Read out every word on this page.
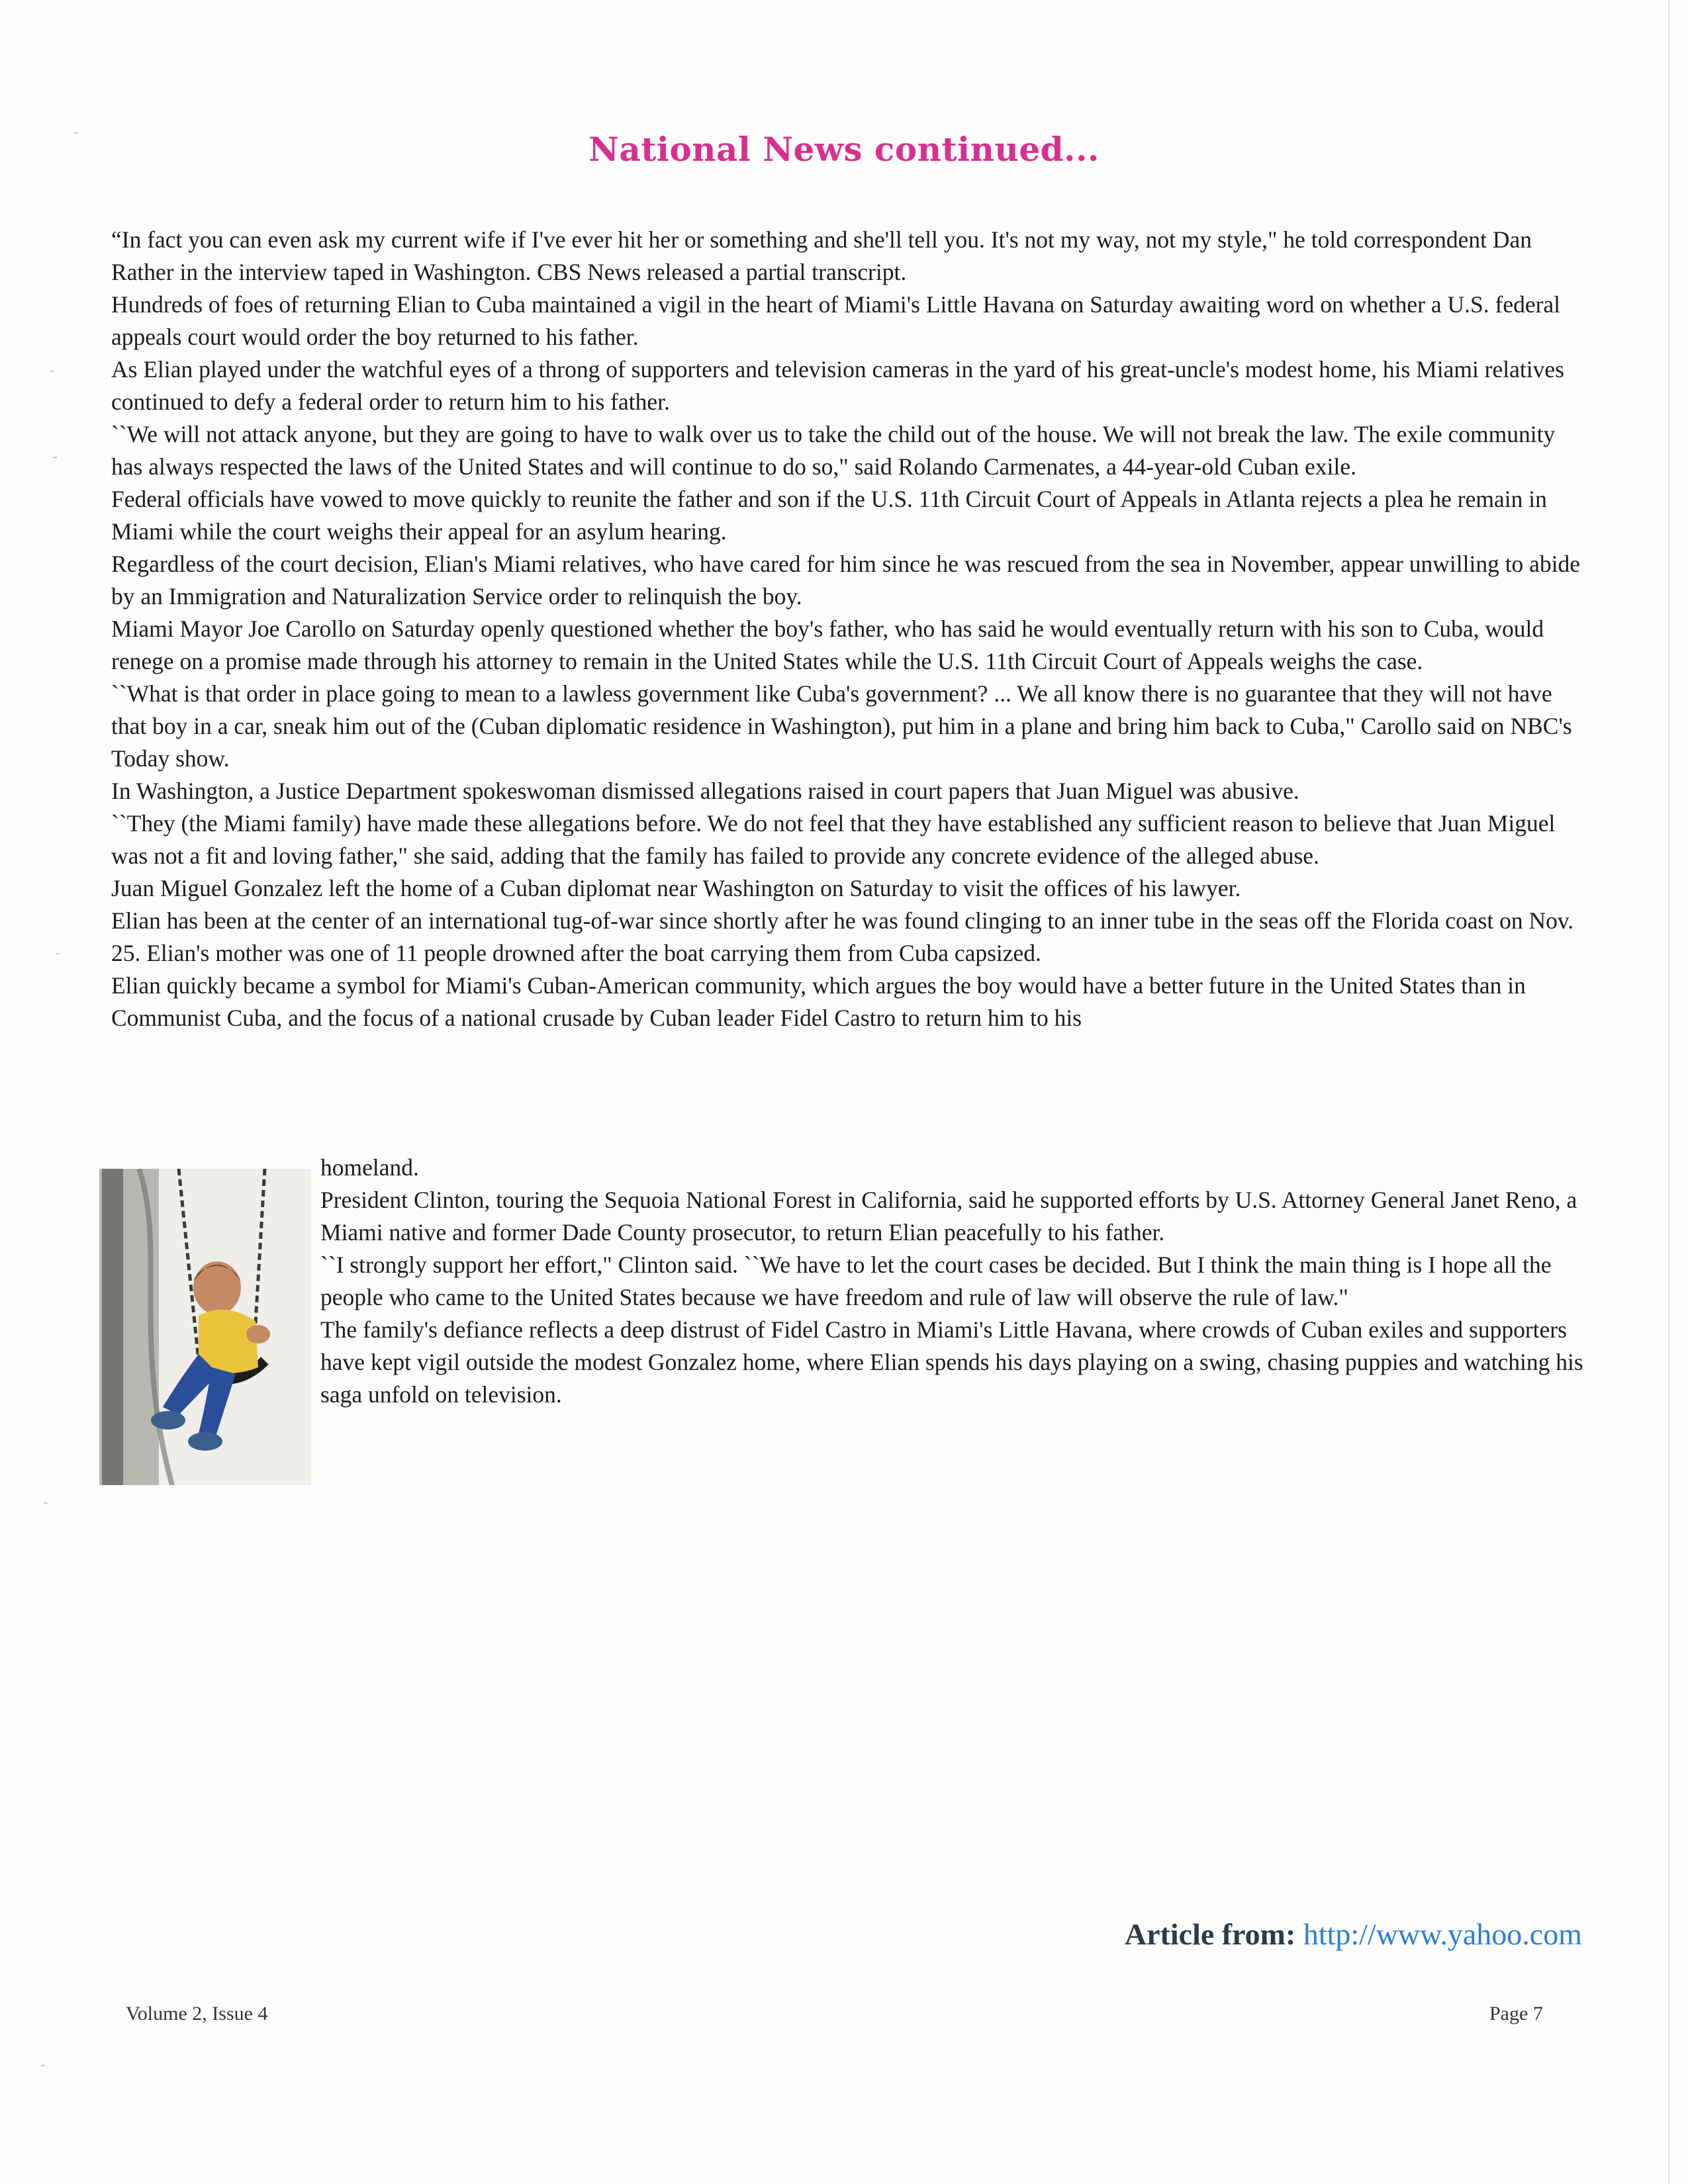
National News continued...

“In fact you can even ask my current wife if I've ever hit her or something and she'll tell you. It's not my way, not my style," he told correspondent Dan Rather in the interview taped in Washington. CBS News released a partial transcript.

Hundreds of foes of returning Elian to Cuba maintained a vigil in the heart of Miami's Little Havana on Saturday awaiting word on whether a U.S. federal appeals court would order the boy returned to his father.

As Elian played under the watchful eyes of a throng of supporters and television cameras in the yard of his great-uncle's modest home, his Miami relatives continued to defy a federal order to return him to his father.

``We will not attack anyone, but they are going to have to walk over us to take the child out of the house. We will not break the law. The exile community has always respected the laws of the United States and will continue to do so," said Rolando Carmenates, a 44-year-old Cuban exile.

Federal officials have vowed to move quickly to reunite the father and son if the U.S. 11th Circuit Court of Appeals in Atlanta rejects a plea he remain in Miami while the court weighs their appeal for an asylum hearing.

Regardless of the court decision, Elian's Miami relatives, who have cared for him since he was rescued from the sea in November, appear unwilling to abide by an Immigration and Naturalization Service order to relinquish the boy.

Miami Mayor Joe Carollo on Saturday openly questioned whether the boy's father, who has said he would eventually return with his son to Cuba, would renege on a promise made through his attorney to remain in the United States while the U.S. 11th Circuit Court of Appeals weighs the case.

``What is that order in place going to mean to a lawless government like Cuba's government? ... We all know there is no guarantee that they will not have that boy in a car, sneak him out of the (Cuban diplomatic residence in Washington), put him in a plane and bring him back to Cuba," Carollo said on NBC's Today show.

In Washington, a Justice Department spokeswoman dismissed allegations raised in court papers that Juan Miguel was abusive.

``They (the Miami family) have made these allegations before. We do not feel that they have established any sufficient reason to believe that Juan Miguel was not a fit and loving father," she said, adding that the family has failed to provide any concrete evidence of the alleged abuse.

Juan Miguel Gonzalez left the home of a Cuban diplomat near Washington on Saturday to visit the offices of his lawyer.

Elian has been at the center of an international tug-of-war since shortly after he was found clinging to an inner tube in the seas off the Florida coast on Nov. 25. Elian's mother was one of 11 people drowned after the boat carrying them from Cuba capsized.

Elian quickly became a symbol for Miami's Cuban-American community, which argues the boy would have a better future in the United States than in Communist Cuba, and the focus of a national crusade by Cuban leader Fidel Castro to return him to his

homeland.

President Clinton, touring the Sequoia National Forest in California, said he supported efforts by U.S. Attorney General Janet Reno, a Miami native and former Dade County prosecutor, to return Elian peacefully to his father.

``I strongly support her effort," Clinton said. ``We have to let the court cases be decided. But I think the main thing is I hope all the people who came to the United States because we have freedom and rule of law will observe the rule of law."

The family's defiance reflects a deep distrust of Fidel Castro in Miami's Little Havana, where crowds of Cuban exiles and supporters have kept vigil outside the modest Gonzalez home, where Elian spends his days playing on a swing, chasing puppies and watching his saga unfold on television.

Article from: http://www.yahoo.com
Volume 2, Issue 4	Page 7
